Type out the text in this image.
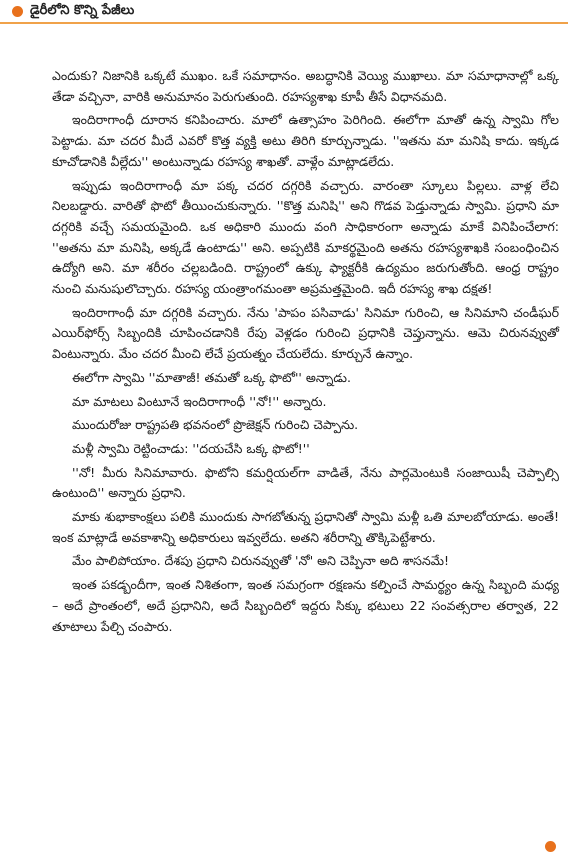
డైరీలోని కొన్ని పేజీలు

ఎందుకు? నిజానికి ఒక్కటే ముఖం. ఒకే సమాధానం. అబద్ధానికి వెయ్యి ముఖాలు. మా సమాధానాల్లో ఒక్క తేడా వచ్చినా, వారికి అనుమానం పెరుగుతుంది. రహస్యశాఖ కూపీ తీసే విధానమది.

ఇందిరాగాంధీ దూరాన కనిపించారు. మాలో ఉత్సాహం పెరిగింది. ఈలోగా మాతో ఉన్న స్వామి గోల పెట్టాడు. మా చదర మీదే ఎవరో కొత్త వ్యక్తి అటు తిరిగి కూర్చున్నాడు. ''ఇతను మా మనిషి కాదు. ఇక్కడ కూచోడానికి వీల్లేదు'' అంటున్నాడు రహస్య శాఖతో. వాళ్లేం మాట్లాడలేదు.

ఇప్పుడు ఇందిరాగాంధీ మా పక్క చదర దగ్గరికి వచ్చారు. వారంతా స్కూలు పిల్లలు. వాళ్ల లేచి నిలబడ్డారు. వారితో ఫొటో తీయించుకున్నారు. ''కొత్త మనిషి'' అని గొడవ పెడ్తున్నాడు స్వామి. ప్రధాని మా దగ్గరికి వచ్చే సమయమైంది. ఒక అధికారి ముందు వంగి సాధికారంగా అన్నాడు మాకే వినిపించేలాగ: ''అతను మా మనిషి, అక్కడే ఉంటాడు'' అని. అప్పటికి మాకర్థమైంది అతను రహస్యశాఖకి సంబంధించిన ఉద్యోగి అని. మా శరీరం చల్లబడింది. రాష్ట్రంలో ఉక్కు ఫ్యాక్టరీకి ఉద్యమం జరుగుతోంది. ఆంధ్ర రాష్ట్రం నుంచి మనుషులొచ్చారు. రహస్య యంత్రాంగమంతా అప్రమత్తమైంది. ఇదీ రహస్య శాఖ దక్షత!

ఇందిరాగాంధీ మా దగ్గరికి వచ్చారు. నేను 'పాపం పసివాడు' సినిమా గురించి, ఆ సినిమాని చండీఘర్ ఎయిర్‌ఫోర్స్ సిబ్బందికి చూపించడానికి రేపు వెళ్లడం గురించి ప్రధానికి చెప్తున్నాను. ఆమె చిరునవ్వుతో వింటున్నారు. మేం చదర మీంచి లేచే ప్రయత్నం చేయలేదు. కూర్చునే ఉన్నాం.

ఈలోగా స్వామి ''మాతాజీ! తమతో ఒక్క ఫొటో'' అన్నాడు.

మా మాటలు వింటూనే ఇందిరాగాంధీ ''నో!'' అన్నారు.

ముందురోజు రాష్ట్రపతి భవనంలో ప్రొజెక్షన్ గురించి చెప్పాను.

మళ్లీ స్వామి రెట్టించాడు: ''దయచేసి ఒక్క ఫొటో!''

''నో! మీరు సినిమావారు. ఫొటోని కమర్షియల్‌గా వాడితే, నేను పార్లమెంటుకి సంజాయిషీ చెప్పాల్సి ఉంటుంది'' అన్నారు ప్రధాని.

మాకు శుభాకాంక్షలు పలికి ముందుకు సాగబోతున్న ప్రధానితో స్వామి మళ్లీ ఒతి మాలబోయాడు. అంతే! ఇంక మాట్లాడే అవకాశాన్ని అధికారులు ఇవ్వలేదు. అతని శరీరాన్ని తొక్కిపెట్టేశారు.

మేం పాలిపోయాం. దేశపు ప్రధాని చిరునవ్వుతో 'నో' అని చెప్పినా అది శాసనమే!

ఇంత పకడ్బందీగా, ఇంత నిశితంగా, ఇంత సమగ్రంగా రక్షణను కల్పించే సామర్థ్యం ఉన్న సిబ్బంది మధ్య – అదే ప్రాంతంలో, అదే ప్రధానిని, అదే సిబ్బందిలో ఇద్దరు సిక్కు భటులు 22 సంవత్సరాల తర్వాత, 22 తూటాలు పేల్చి చంపారు.
